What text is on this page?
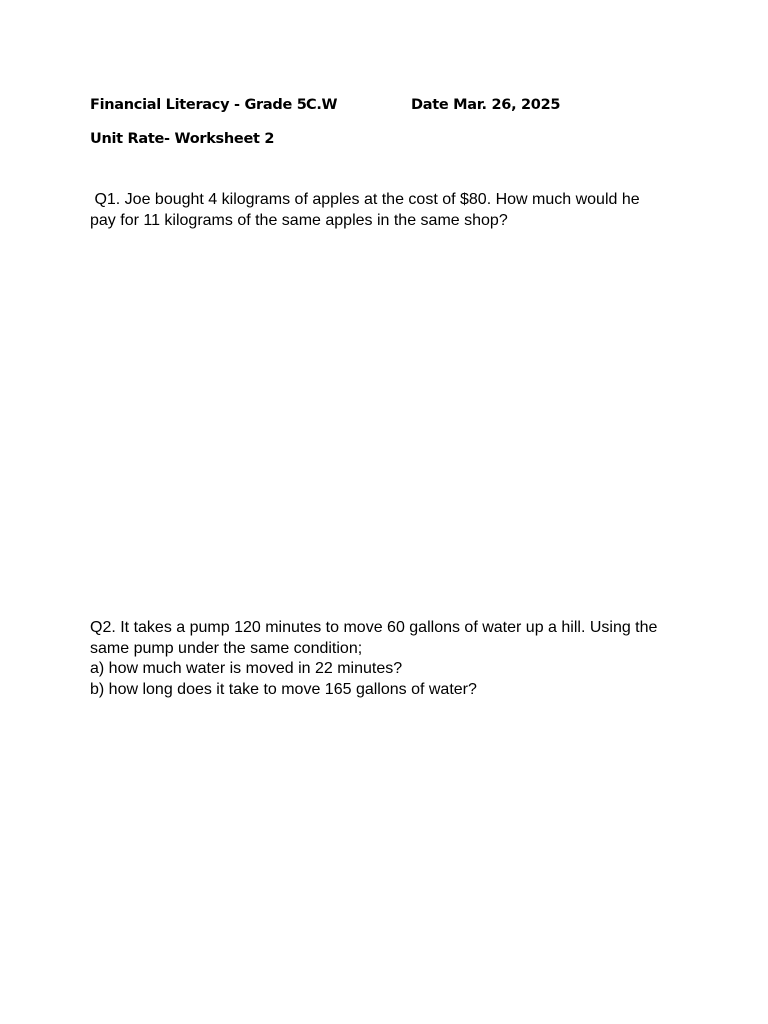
Financial Literacy - Grade 5 C.W	Date Mar. 26, 2025
Unit Rate- Worksheet 2
Q1. Joe bought 4 kilograms of apples at the cost of $80. How much would he
pay for 11 kilograms of the same apples in the same shop?
Q2. It takes a pump 120 minutes to move 60 gallons of water up a hill. Using the
same pump under the same condition;
a) how much water is moved in 22 minutes?
b) how long does it take to move 165 gallons of water?
